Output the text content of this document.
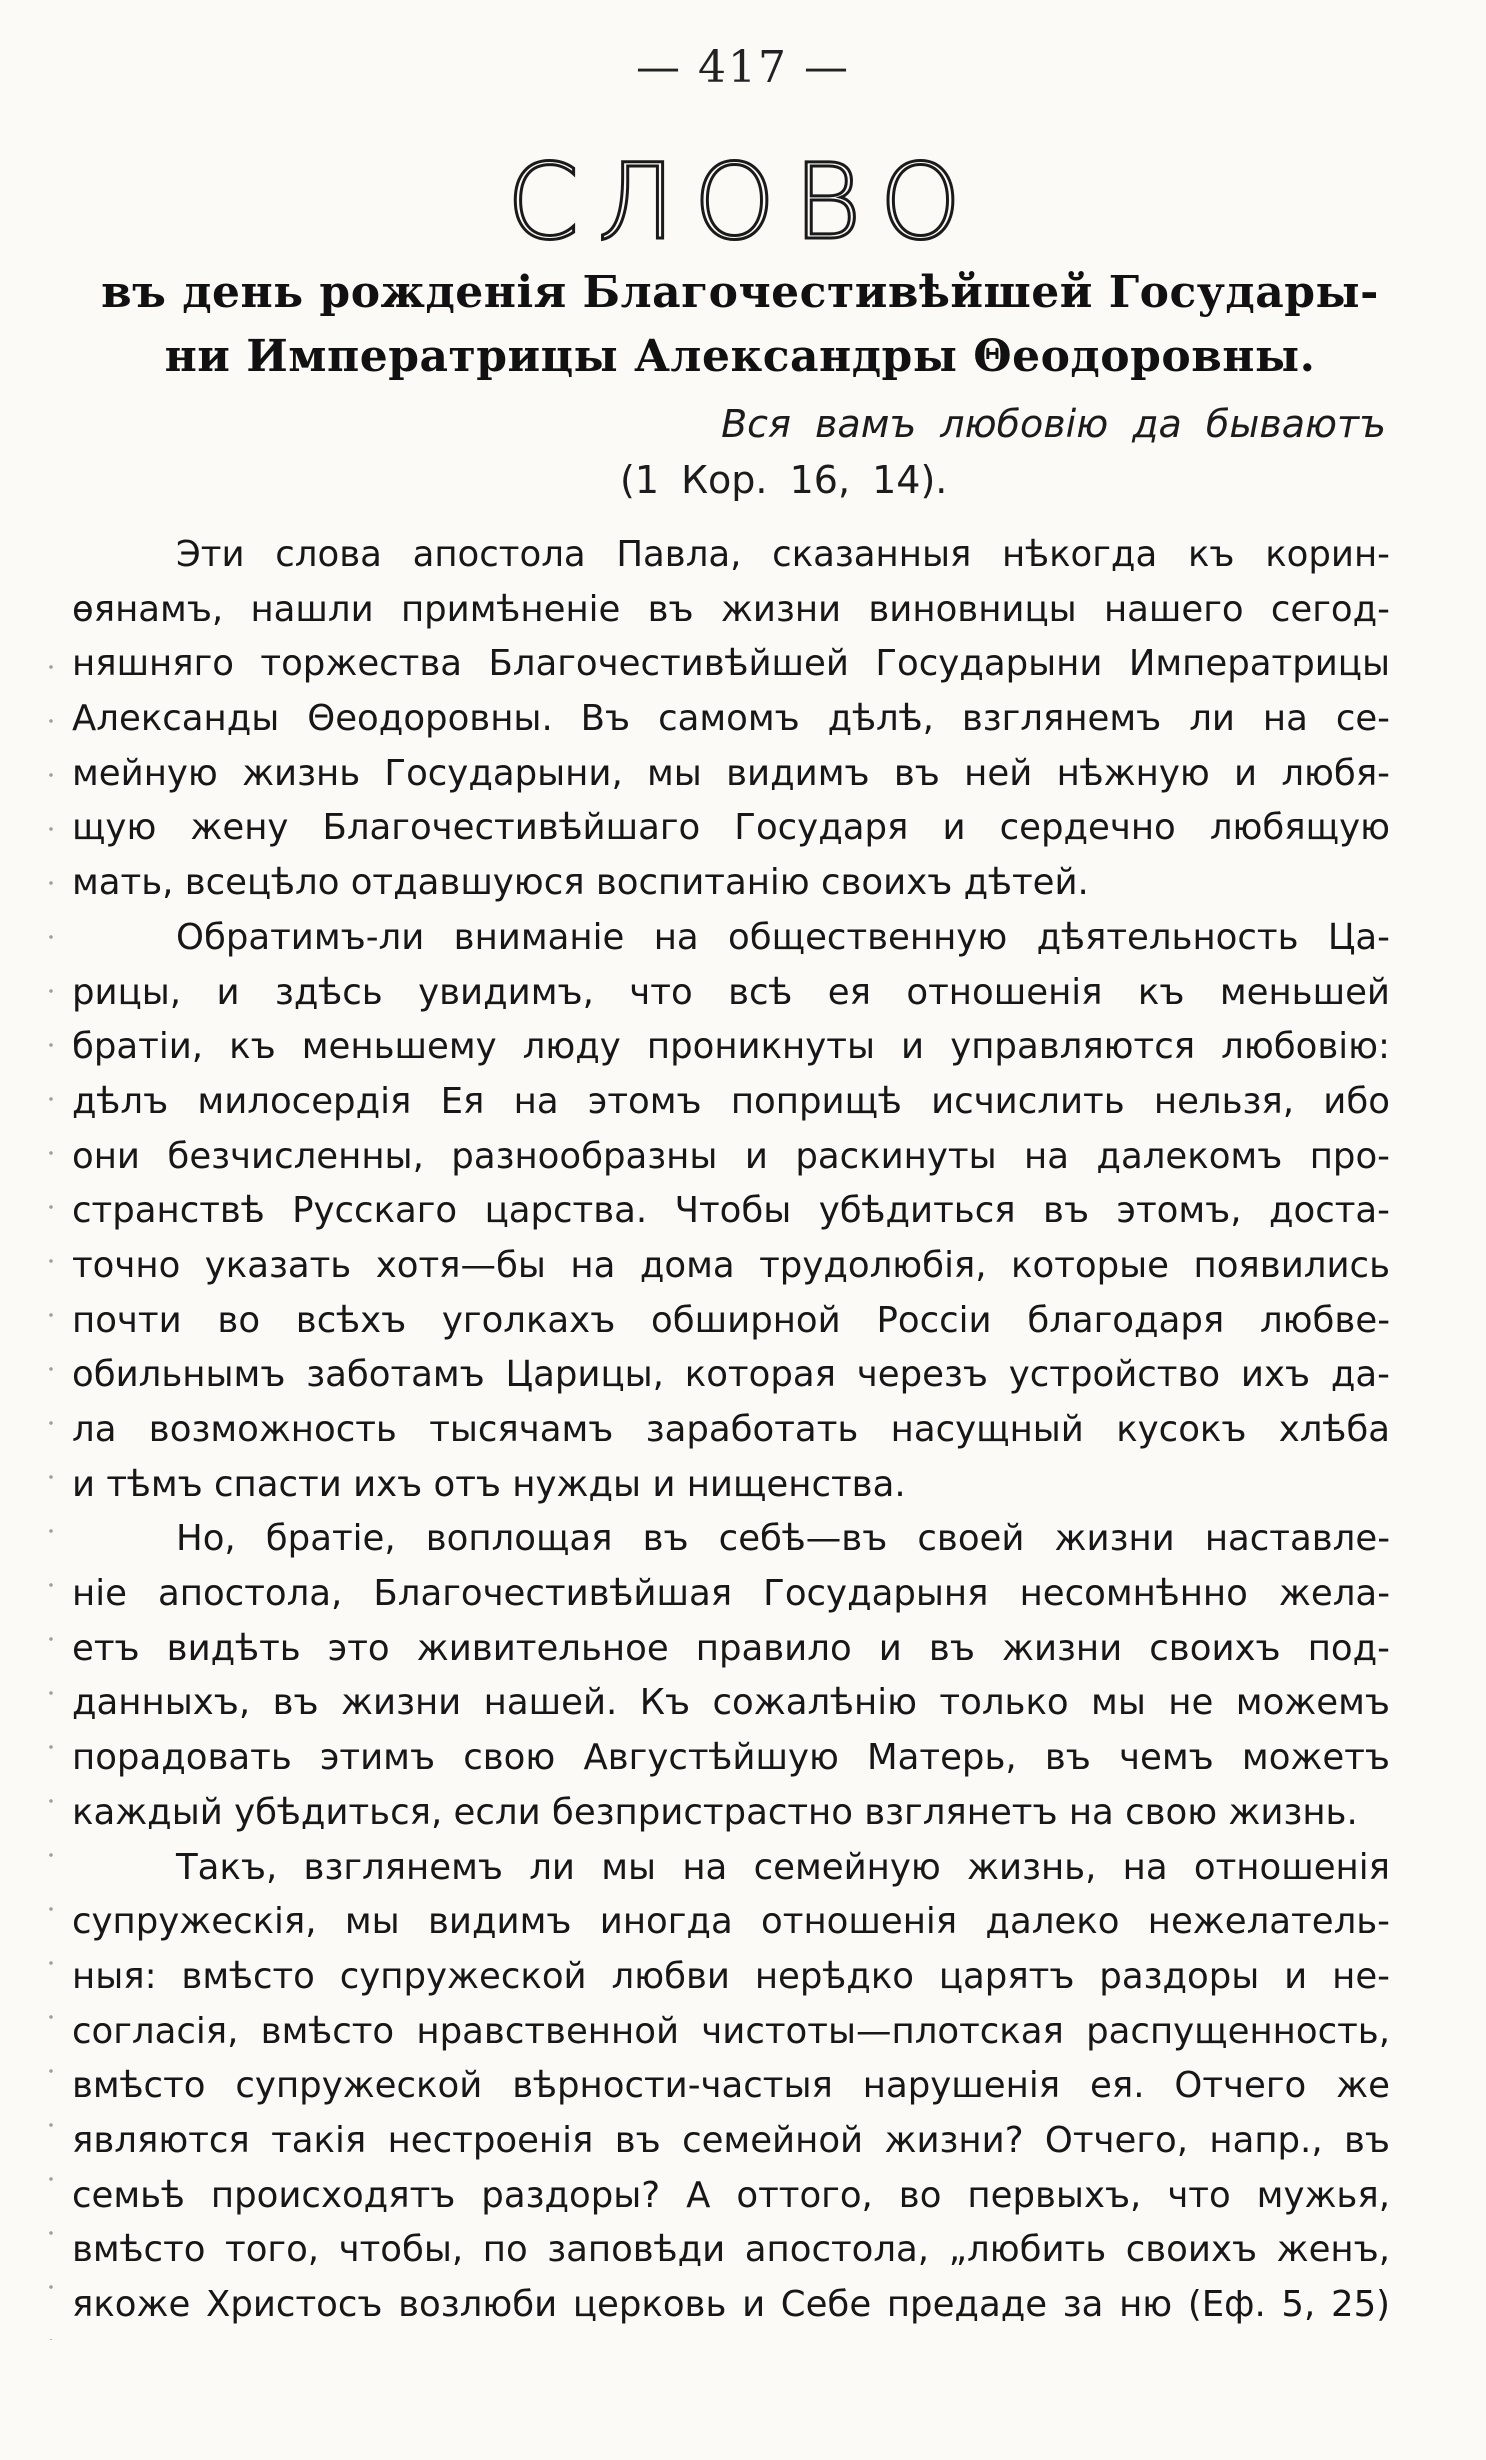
— 417 —
СЛОВО
въ день рожденія Благочестивѣйшей Государы-
ни Императрицы Александры Θеодоровны.
Вся вамъ любовію да бываютъ
(1 Кор. 16, 14).
Эти слова апостола Павла, сказанныя нѣкогда къ корин-
ѳянамъ, нашли примѣненіе въ жизни виновницы нашего сегод-
няшняго торжества Благочестивѣйшей Государыни Императрицы
Александы Θеодоровны. Въ самомъ дѣлѣ, взглянемъ ли на се-
мейную жизнь Государыни, мы видимъ въ ней нѣжную и любя-
щую жену Благочестивѣйшаго Государя и сердечно любящую
мать, всецѣло отдавшуюся воспитанію своихъ дѣтей.
Обратимъ-ли вниманіе на общественную дѣятельность Ца-
рицы, и здѣсь увидимъ, что всѣ ея отношенія къ меньшей
братіи, къ меньшему люду проникнуты и управляются любовію:
дѣлъ милосердія Ея на этомъ поприщѣ исчислить нельзя, ибо
они безчисленны, разнообразны и раскинуты на далекомъ про-
странствѣ Русскаго царства. Чтобы убѣдиться въ этомъ, доста-
точно указать хотя—бы на дома трудолюбія, которые появились
почти во всѣхъ уголкахъ обширной Россіи благодаря любве-
обильнымъ заботамъ Царицы, которая черезъ устройство ихъ да-
ла возможность тысячамъ заработать насущный кусокъ хлѣба
и тѣмъ спасти ихъ отъ нужды и нищенства.
Но, братіе, воплощая въ себѣ—въ своей жизни наставле-
ніе апостола, Благочестивѣйшая Государыня несомнѣнно жела-
етъ видѣть это живительное правило и въ жизни своихъ под-
данныхъ, въ жизни нашей. Къ сожалѣнію только мы не можемъ
порадовать этимъ свою Августѣйшую Матерь, въ чемъ можетъ
каждый убѣдиться, если безпристрастно взглянетъ на свою жизнь.
Такъ, взглянемъ ли мы на семейную жизнь, на отношенія
супружескія, мы видимъ иногда отношенія далеко нежелатель-
ныя: вмѣсто супружеской любви нерѣдко царятъ раздоры и не-
согласія, вмѣсто нравственной чистоты—плотская распущенность,
вмѣсто супружеской вѣрности-частыя нарушенія ея. Отчего же
являются такія нестроенія въ семейной жизни? Отчего, напр., въ
семьѣ происходятъ раздоры? А оттого, во первыхъ, что мужья,
вмѣсто того, чтобы, по заповѣди апостола, „любить своихъ женъ,
якоже Христосъ возлюби церковь и Себе предаде за ню (Еф. 5, 25)
